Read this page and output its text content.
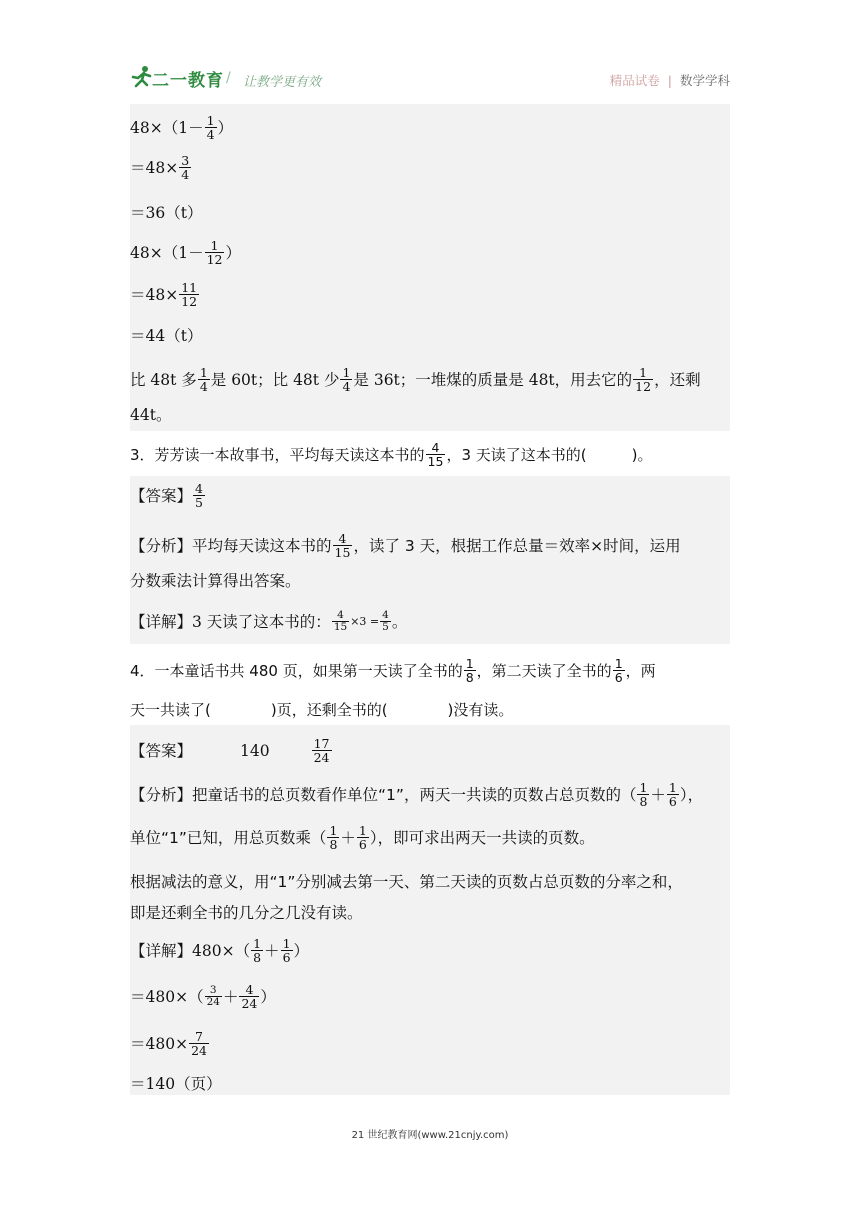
二一教育 / 让教学更有效	精品试卷 | 数学学科
$48\times(1- \frac{1}{4}$ ）
$=48\times \frac{3}{4}$
＝36（t）
$48\times(1- \frac{1}{12}$ ）
$=48\times \frac{11}{12}$
＝44（t）
比 48t 多 $\frac{1}{4}$ 是 60t；比 48t 少 $\frac{1}{4}$ 是 36t；一堆煤的质量是 48t，用去它的 $\frac{1}{12}$ ，还剩
44t。
3．芳芳读一本故事书，平均每天读这本书的 $\frac{4}{15}$ ，3 天读了这本书的(　　　)。
【答案】 $\frac{4}{5}$
【分析】 平均每天读这本书的 $\frac{4}{15}$ ，读了 3 天，根据工作总量＝效率×时间，运用
分数乘法计算得出答案。
【详解】 3 天读了这本书的： $\frac{4}{15} \times 3 = \frac{4}{5}$ 。
4．一本童话书共 480 页，如果第一天读了全书的 $\frac{1}{8}$ ，第二天读了全书的 $\frac{1}{6}$ ，两
天一共读了(　　　　)页，还剩全书的(　　　　)没有读。
【答案】	140	$\frac{17}{24}$
【分析】 把童话书的总页数看作单位“1”，两天一共读的页数占总页数的（ $\frac{1}{8} + \frac{1}{6}$ ），
单位“1”已知，用总页数乘（ $\frac{1}{8} + \frac{1}{6}$ ），即可求出两天一共读的页数。
根据减法的意义，用“1”分别减去第一天、第二天读的页数占总页数的分率之和，
即是还剩全书的几分之几没有读。
【详解】 $480\times( \frac{1}{8} + \frac{1}{6}$ ）
$=480\times( \frac{3}{24} + \frac{4}{24}$ ）
$=480\times \frac{7}{24}$
＝140（页）
21 世纪教育网(www.21cnjy.com)
